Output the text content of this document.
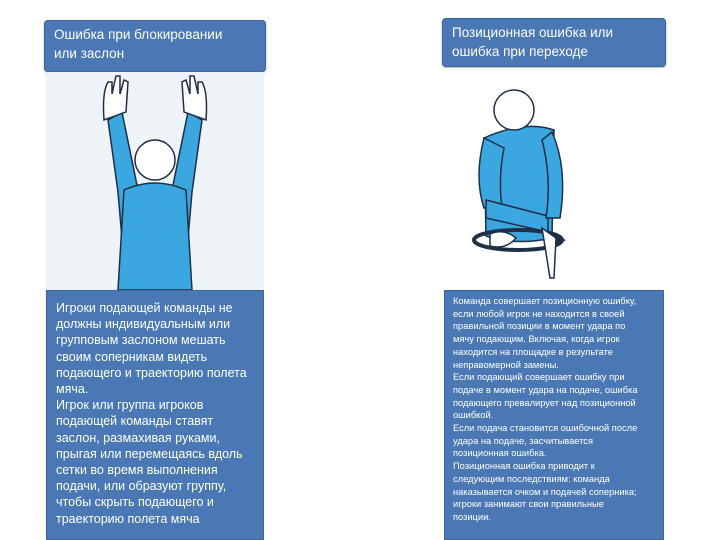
Ошибка при блокировании
или заслон
Игроки подающей команды не
должны индивидуальным или
групповым заслоном мешать
своим соперникам видеть
подающего и траекторию полета
мяча.
Игрок или группа игроков
подающей команды ставят
заслон, размахивая руками,
прыгая или перемещаясь вдоль
сетки во время выполнения
подачи, или образуют группу,
чтобы скрыть подающего и
траекторию полета мяча
Позиционная ошибка или
ошибка при переходе
Команда совершает позиционную ошибку,
если любой игрок не находится в своей
правильной позиции в момент удара по
мячу подающим. Включая, когда игрок
находится на площадке в результате
неправомерной замены.
Если подающий совершает ошибку при
подаче в момент удара на подаче, ошибка
подающего превалирует над позиционной
ошибкой.
Если подача становится ошибочной после
удара на подаче, засчитывается
позиционная ошибка.
Позиционная ошибка приводит к
следующим последствиям: команда
наказывается очком и подачей соперника;
игроки занимают свои правильные
позиции.
